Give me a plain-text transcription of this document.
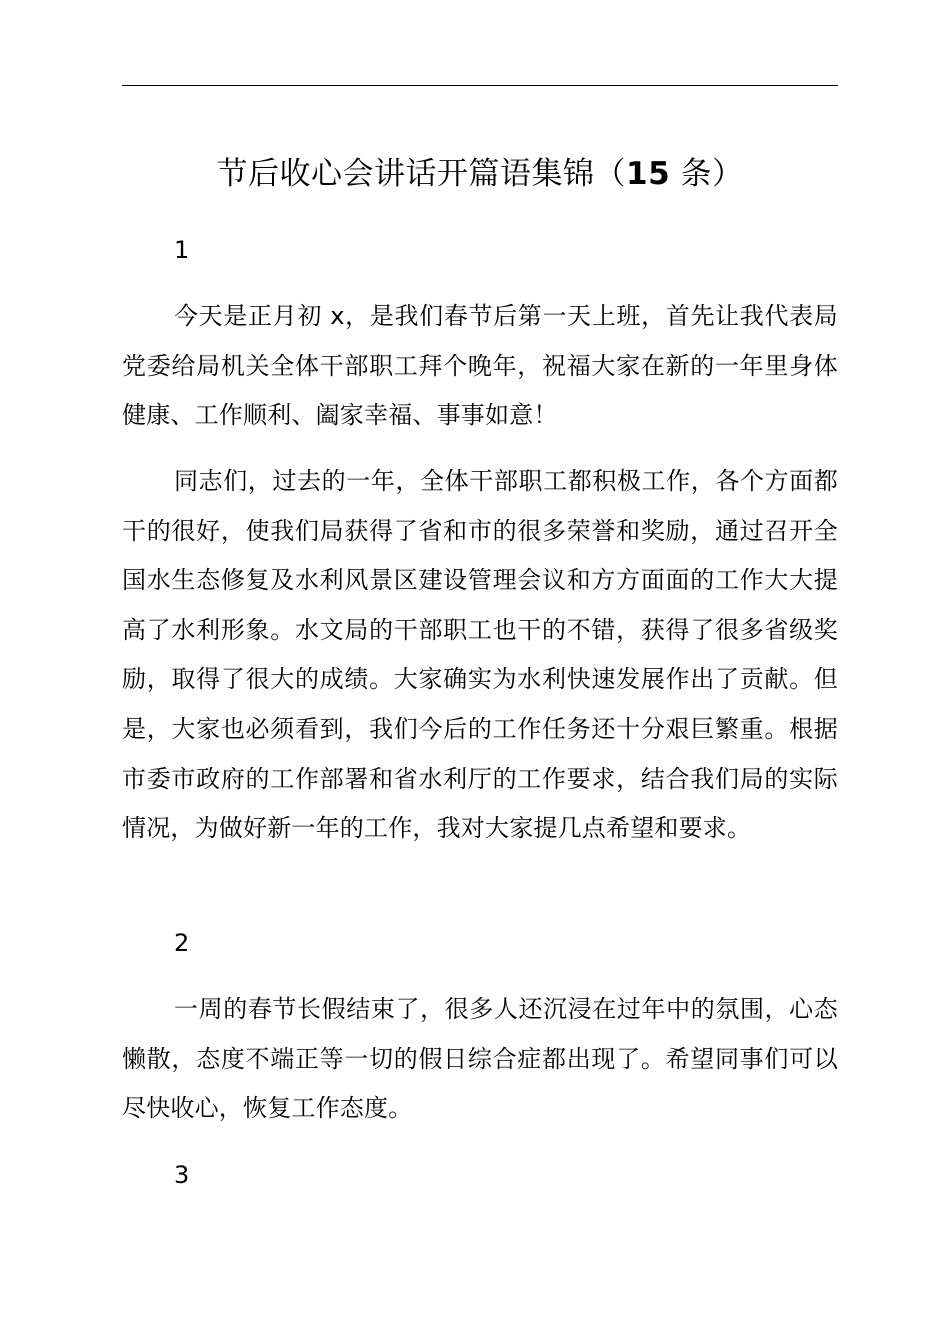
节后收心会讲话开篇语集锦（15 条）
1
今天是正月初 x，是我们春节后第一天上班，首先让我代表局党委给局机关全体干部职工拜个晚年，祝福大家在新的一年里身体健康、工作顺利、阖家幸福、事事如意！
同志们，过去的一年，全体干部职工都积极工作，各个方面都干的很好，使我们局获得了省和市的很多荣誉和奖励，通过召开全国水生态修复及水利风景区建设管理会议和方方面面的工作大大提高了水利形象。水文局的干部职工也干的不错，获得了很多省级奖励，取得了很大的成绩。大家确实为水利快速发展作出了贡献。但是，大家也必须看到，我们今后的工作任务还十分艰巨繁重。根据市委市政府的工作部署和省水利厅的工作要求，结合我们局的实际情况，为做好新一年的工作，我对大家提几点希望和要求。
2
一周的春节长假结束了，很多人还沉浸在过年中的氛围，心态懒散，态度不端正等一切的假日综合症都出现了。希望同事们可以尽快收心，恢复工作态度。
3
